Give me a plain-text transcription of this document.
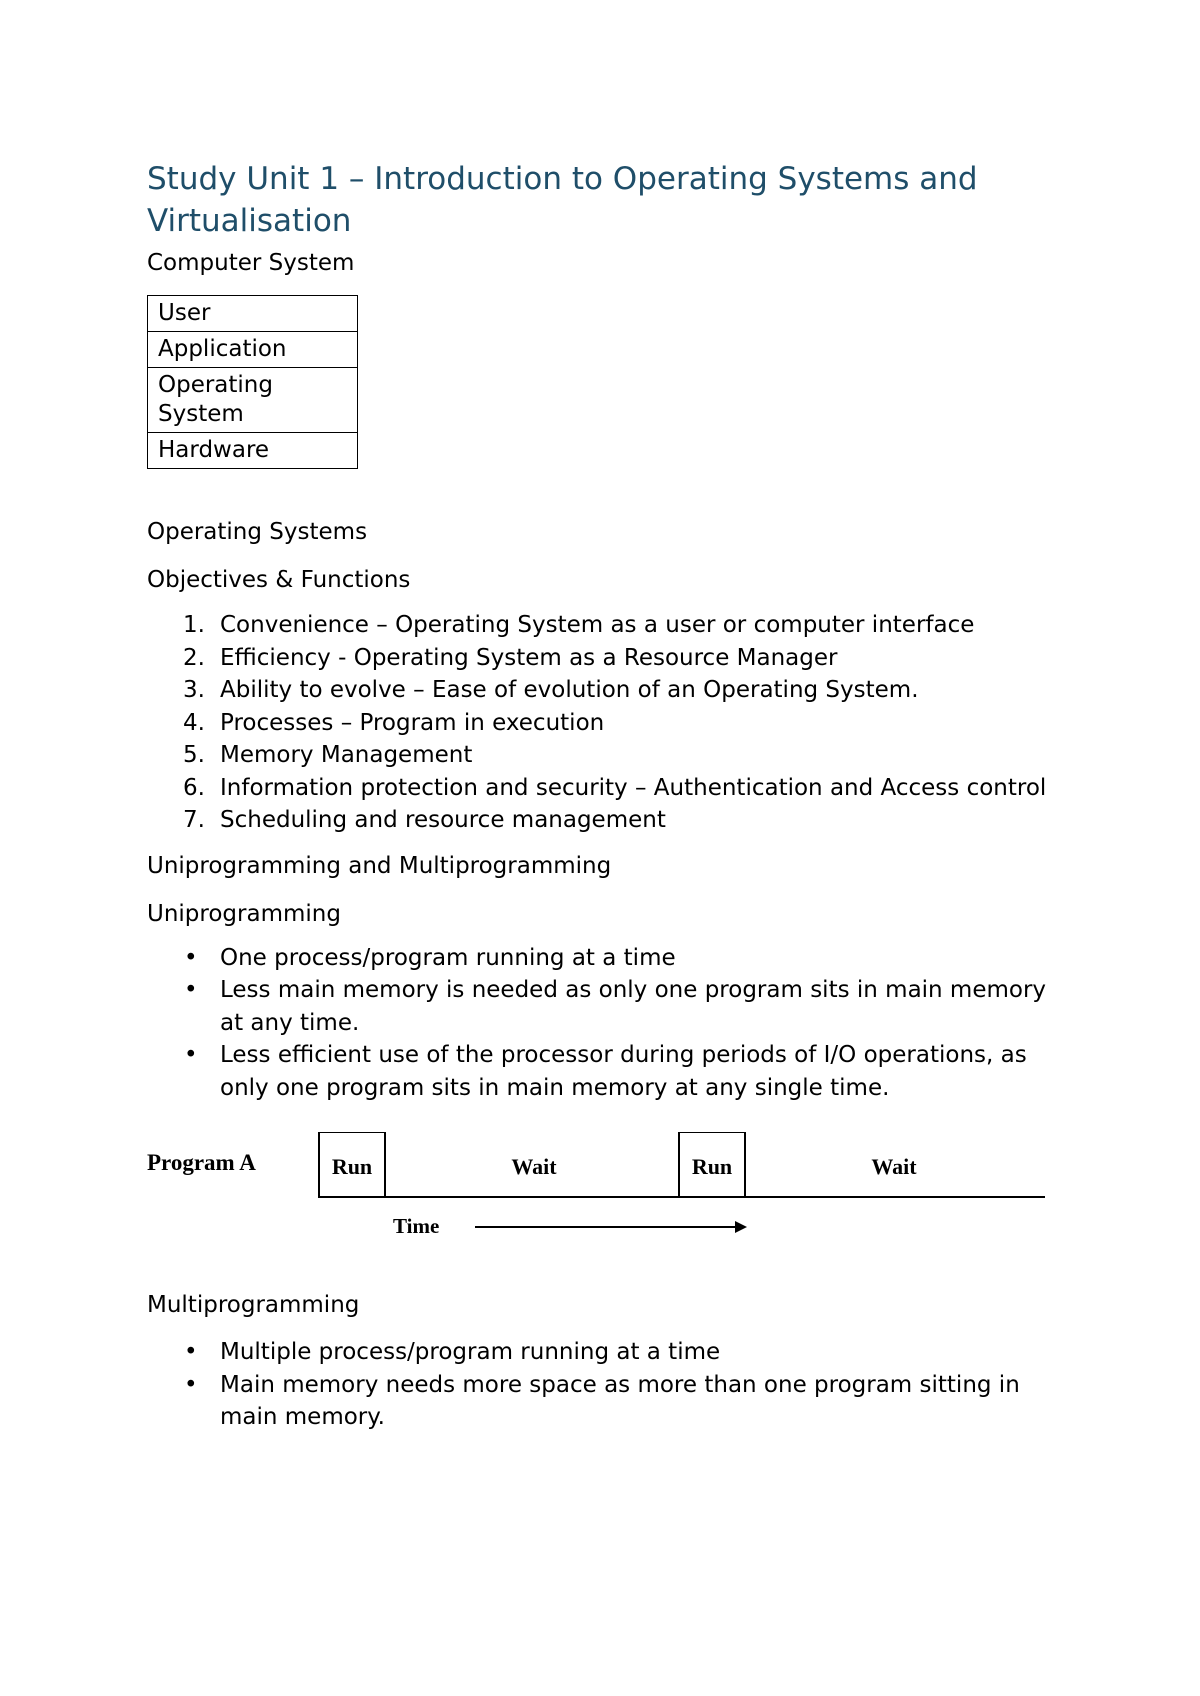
Study Unit 1 – Introduction to Operating Systems and Virtualisation

Computer System

User
Application
Operating System
Hardware

Operating Systems

Objectives & Functions

1. Convenience – Operating System as a user or computer interface
2. Efficiency - Operating System as a Resource Manager
3. Ability to evolve – Ease of evolution of an Operating System.
4. Processes – Program in execution
5. Memory Management
6. Information protection and security – Authentication and Access control
7. Scheduling and resource management

Uniprogramming and Multiprogramming

Uniprogramming

• One process/program running at a time
• Less main memory is needed as only one program sits in main memory at any time.
• Less efficient use of the processor during periods of I/O operations, as only one program sits in main memory at any single time.
Program A	Run	Wait	Run	Wait
Time

Multiprogramming

• Multiple process/program running at a time
• Main memory needs more space as more than one program sitting in main memory.
